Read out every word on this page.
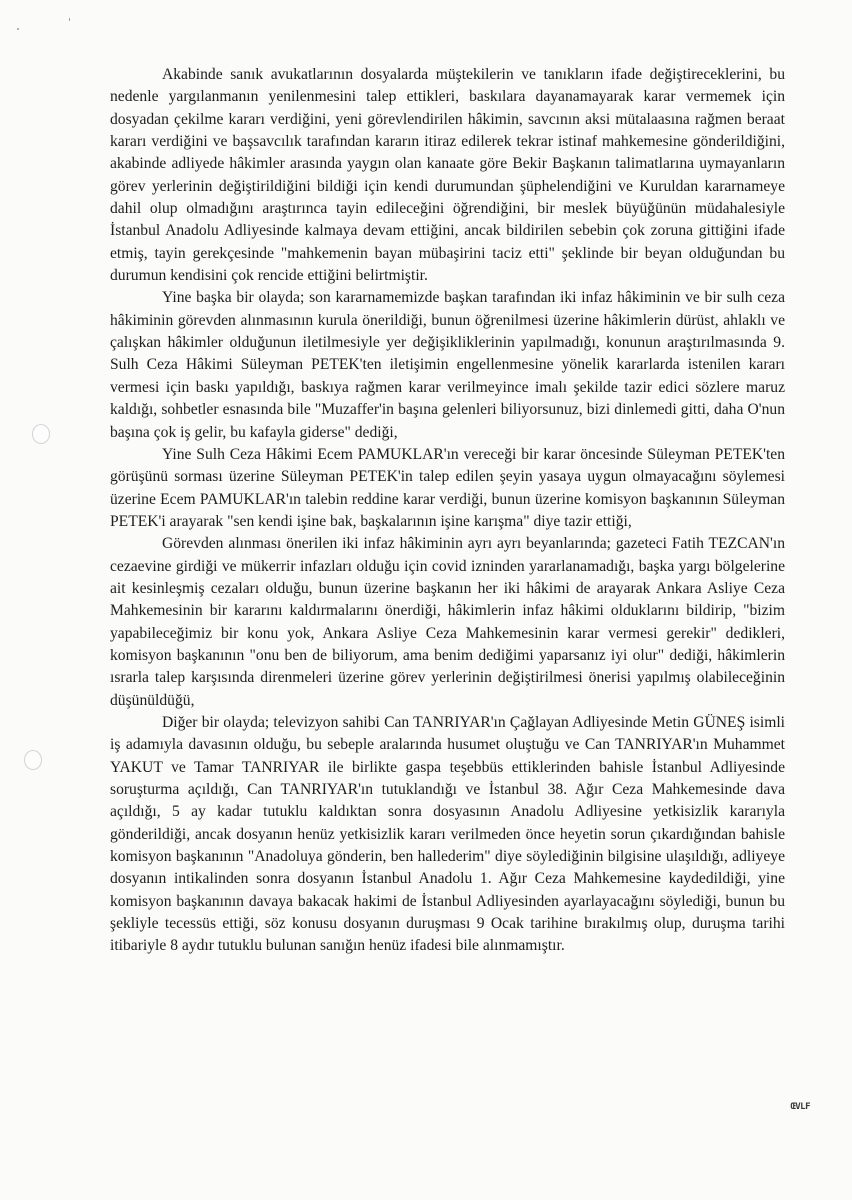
Akabinde sanık avukatlarının dosyalarda müştekilerin ve tanıkların ifade değiştireceklerini, bu nedenle yargılanmanın yenilenmesini talep ettikleri, baskılara dayanamayarak karar vermemek için dosyadan çekilme kararı verdiğini, yeni görevlendirilen hâkimin, savcının aksi mütalaasına rağmen beraat kararı verdiğini ve başsavcılık tarafından kararın itiraz edilerek tekrar istinaf mahkemesine gönderildiğini, akabinde adliyede hâkimler arasında yaygın olan kanaate göre Bekir Başkanın talimatlarına uymayanların görev yerlerinin değiştirildiğini bildiği için kendi durumundan şüphelendiğini ve Kuruldan kararnameye dahil olup olmadığını araştırınca tayin edileceğini öğrendiğini, bir meslek büyüğünün müdahalesiyle İstanbul Anadolu Adliyesinde kalmaya devam ettiğini, ancak bildirilen sebebin çok zoruna gittiğini ifade etmiş, tayin gerekçesinde "mahkemenin bayan mübaşirini taciz etti" şeklinde bir beyan olduğundan bu durumun kendisini çok rencide ettiğini belirtmiştir.

Yine başka bir olayda; son kararnamemizde başkan tarafından iki infaz hâkiminin ve bir sulh ceza hâkiminin görevden alınmasının kurula önerildiği, bunun öğrenilmesi üzerine hâkimlerin dürüst, ahlaklı ve çalışkan hâkimler olduğunun iletilmesiyle yer değişikliklerinin yapılmadığı, konunun araştırılmasında 9. Sulh Ceza Hâkimi Süleyman PETEK'ten iletişimin engellenmesine yönelik kararlarda istenilen kararı vermesi için baskı yapıldığı, baskıya rağmen karar verilmeyince imalı şekilde tazir edici sözlere maruz kaldığı, sohbetler esnasında bile "Muzaffer'in başına gelenleri biliyorsunuz, bizi dinlemedi gitti, daha O'nun başına çok iş gelir, bu kafayla giderse" dediği,

Yine Sulh Ceza Hâkimi Ecem PAMUKLAR'ın vereceği bir karar öncesinde Süleyman PETEK'ten görüşünü sorması üzerine Süleyman PETEK'in talep edilen şeyin yasaya uygun olmayacağını söylemesi üzerine Ecem PAMUKLAR'ın talebin reddine karar verdiği, bunun üzerine komisyon başkanının Süleyman PETEK'i arayarak "sen kendi işine bak, başkalarının işine karışma" diye tazir ettiği,

Görevden alınması önerilen iki infaz hâkiminin ayrı ayrı beyanlarında; gazeteci Fatih TEZCAN'ın cezaevine girdiği ve mükerrir infazları olduğu için covid izninden yararlanamadığı, başka yargı bölgelerine ait kesinleşmiş cezaları olduğu, bunun üzerine başkanın her iki hâkimi de arayarak Ankara Asliye Ceza Mahkemesinin bir kararını kaldırmalarını önerdiği, hâkimlerin infaz hâkimi olduklarını bildirip, "bizim yapabileceğimiz bir konu yok, Ankara Asliye Ceza Mahkemesinin karar vermesi gerekir" dedikleri, komisyon başkanının "onu ben de biliyorum, ama benim dediğimi yaparsanız iyi olur" dediği, hâkimlerin ısrarla talep karşısında direnmeleri üzerine görev yerlerinin değiştirilmesi önerisi yapılmış olabileceğinin düşünüldüğü,

Diğer bir olayda; televizyon sahibi Can TANRIYAR'ın Çağlayan Adliyesinde Metin GÜNEŞ isimli iş adamıyla davasının olduğu, bu sebeple aralarında husumet oluştuğu ve Can TANRIYAR'ın Muhammet YAKUT ve Tamar TANRIYAR ile birlikte gaspa teşebbüs ettiklerinden bahisle İstanbul Adliyesinde soruşturma açıldığı, Can TANRIYAR'ın tutuklandığı ve İstanbul 38. Ağır Ceza Mahkemesinde dava açıldığı, 5 ay kadar tutuklu kaldıktan sonra dosyasının Anadolu Adliyesine yetkisizlik kararıyla gönderildiği, ancak dosyanın henüz yetkisizlik kararı verilmeden önce heyetin sorun çıkardığından bahisle komisyon başkanının "Anadoluya gönderin, ben hallederim" diye söylediğinin bilgisine ulaşıldığı, adliyeye dosyanın intikalinden sonra dosyanın İstanbul Anadolu 1. Ağır Ceza Mahkemesine kaydedildiği, yine komisyon başkanının davaya bakacak hakimi de İstanbul Adliyesinden ayarlayacağını söylediği, bunun bu şekliyle tecessüs ettiği, söz konusu dosyanın duruşması 9 Ocak tarihine bırakılmış olup, duruşma tarihi itibariyle 8 aydır tutuklu bulunan sanığın henüz ifadesi bile alınmamıştır.

ŒVLF
